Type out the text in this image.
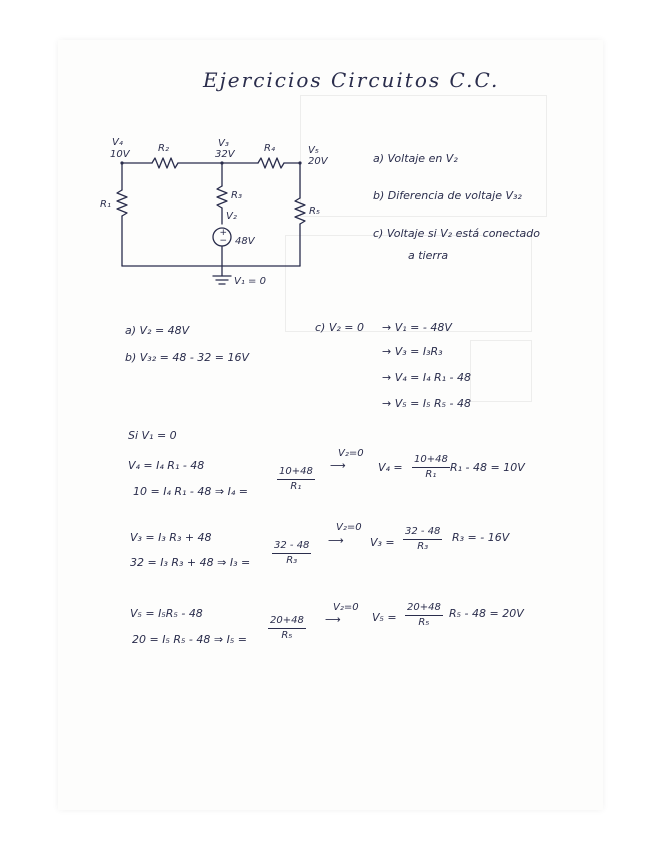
Ejercicios Circuitos C.C.
+
−
V₄
10V
R₂	V₃
32V
R₄	V₅
20V
R₁
R₃
V₂
48V
R₅
V₁ = 0
a) Voltaje en V₂
b) Diferencia de voltaje V₃₂
c) Voltaje si V₂ está conectado
a tierra
a) V₂ = 48V
b) V₃₂ = 48 - 32 = 16V
c) V₂ = 0 → V₁ = - 48V
→ V₃ = I₃R₃
→ V₄ = I₄ R₁ - 48
→ V₅ = I₅ R₅ - 48
Si V₁ = 0
V₄ = I₄ R₁ - 48
10 = I₄ R₁ - 48 ⇒ I₄ =	$\frac{10+48}{\text{R₁}}$
V₂=0
⟶	$V_4 = \frac{10+48}{\text{R₁}} R_1 - 48 = 10V$
V₃ = I₃ R₃ + 48
32 = I₃ R₃ + 48 ⇒ $I_3 = \frac{32 - 48}{\text{R₃}}$
V₂=0
⟶ $V_3 = \frac{32 - 48}{\text{R₃}} R_3$ = - 16V
V₅ = I₅R₅ - 48
20 = I₅ R₅ - 48 ⇒ $I_5 = \frac{20+48}{\text{R₅}}$
V₂=0
⟶	$V_5 = \frac{20+48}{\text{R₅}} R_5 - 48 = 20V$
